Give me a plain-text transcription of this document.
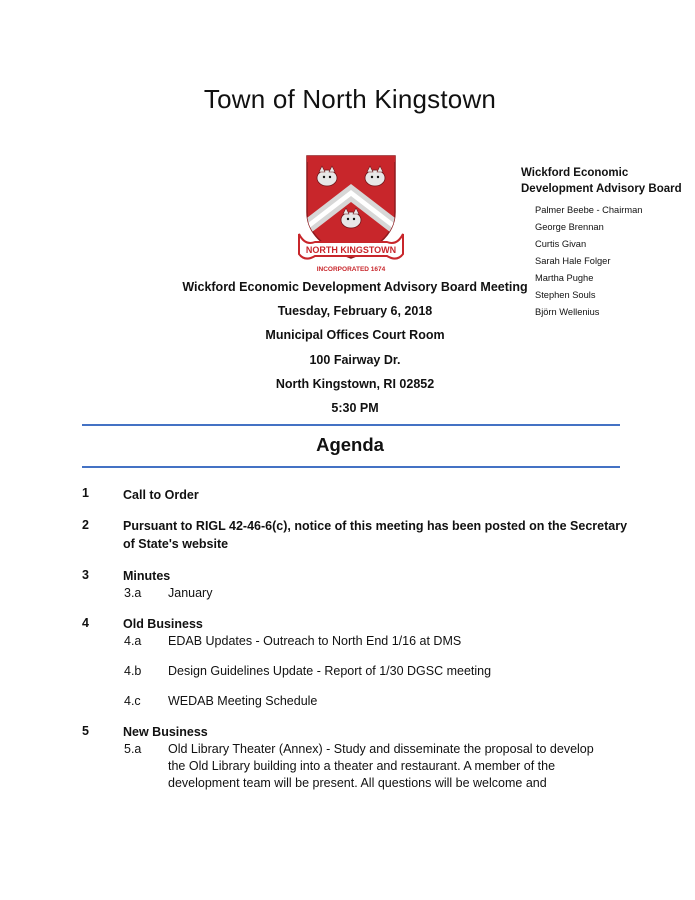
Town of North Kingstown
NORTH KINGSTOWN
INCORPORATED 1674
Wickford Economic Development Advisory Board
Palmer Beebe - Chairman
George Brennan
Curtis Givan
Sarah Hale Folger
Martha Pughe
Stephen Souls
Björn Wellenius
Wickford Economic Development Advisory Board Meeting
Tuesday, February 6, 2018
Municipal Offices Court Room
100 Fairway Dr.
North Kingstown, RI 02852
5:30 PM
Agenda
1	Call to Order
2	Pursuant to RIGL 42-46-6(c), notice of this meeting has been posted on the Secretary of State's website
3	Minutes
3.a January
4	Old Business
4.a EDAB Updates - Outreach to North End 1/16 at DMS
4.b Design Guidelines Update - Report of 1/30 DGSC meeting
4.c WEDAB Meeting Schedule
5	New Business
5.a Old Library Theater (Annex) - Study and disseminate the proposal to develop the Old Library building into a theater and restaurant. A member of the development team will be present. All questions will be welcome and
